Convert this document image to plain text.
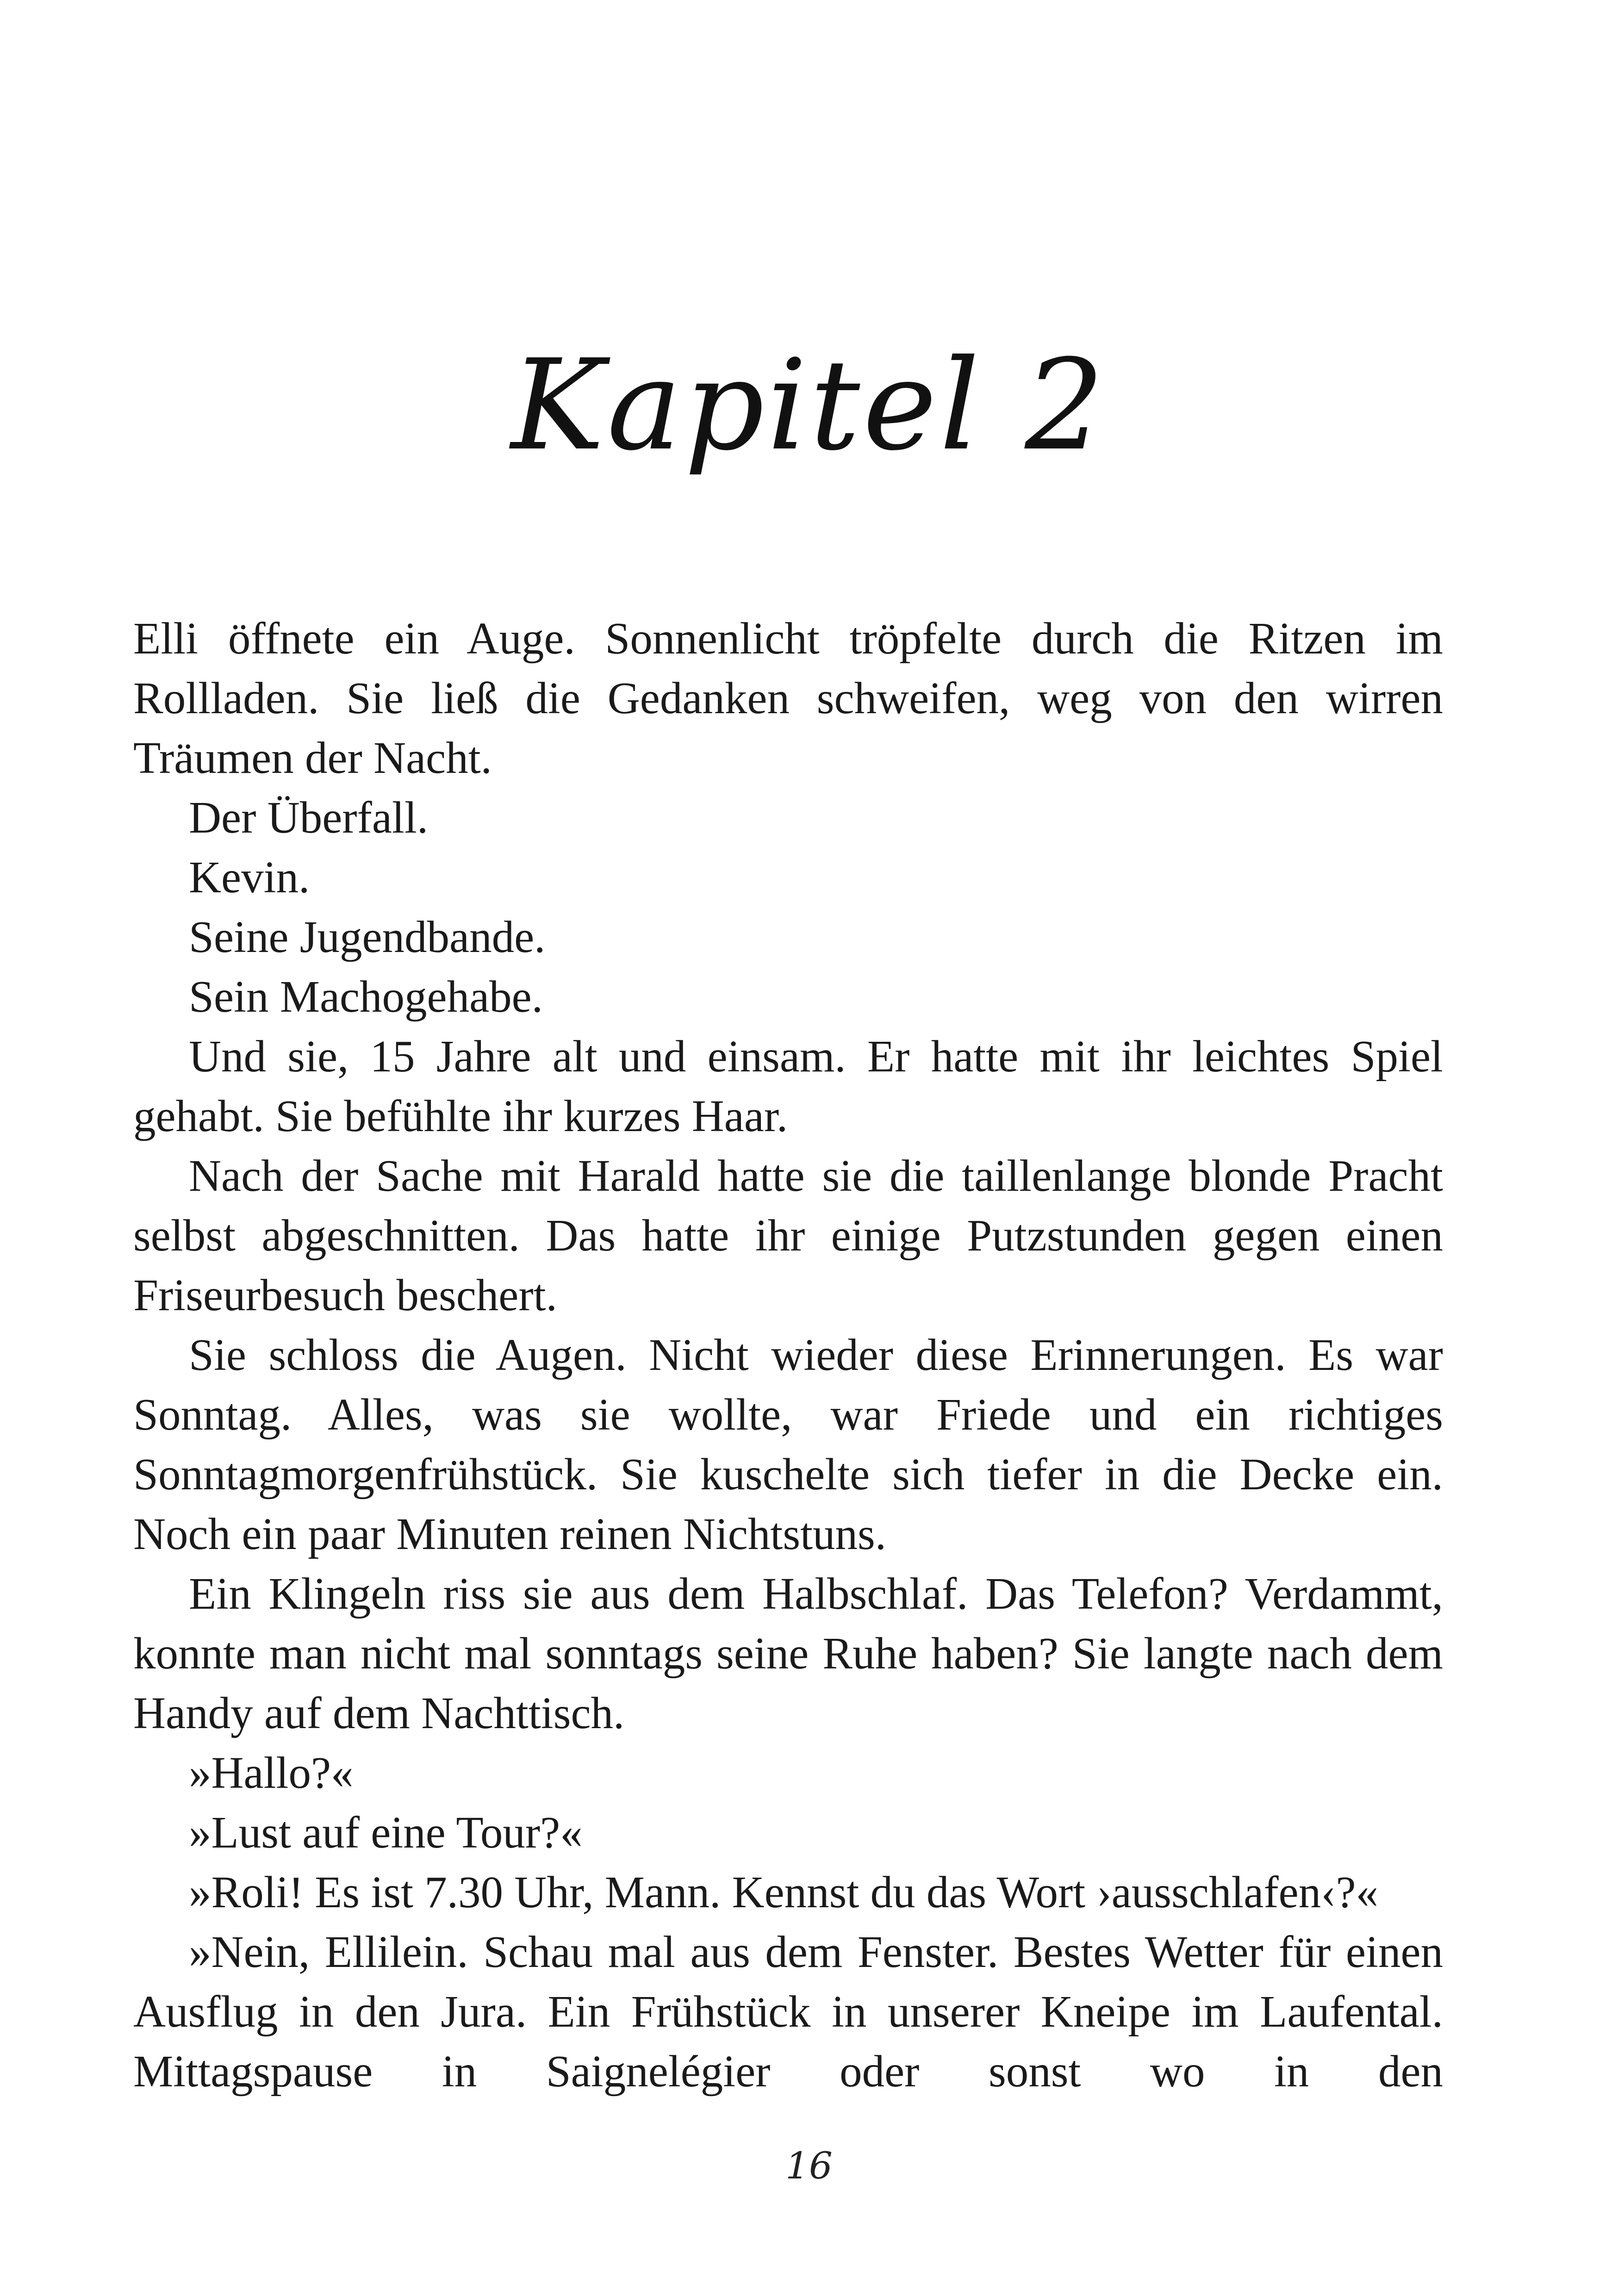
Kapitel 2

Elli öffnete ein Auge. Sonnenlicht tröpfelte durch die Ritzen im Rollladen. Sie ließ die Gedanken schweifen, weg von den wirren Träumen der Nacht.

Der Überfall.

Kevin.

Seine Jugendbande.

Sein Machogehabe.

Und sie, 15 Jahre alt und einsam. Er hatte mit ihr leichtes Spiel gehabt. Sie befühlte ihr kurzes Haar.

Nach der Sache mit Harald hatte sie die taillenlange blonde Pracht selbst abgeschnitten. Das hatte ihr einige Putzstunden gegen einen Friseurbesuch beschert.

Sie schloss die Augen. Nicht wieder diese Erinnerungen. Es war Sonntag. Alles, was sie wollte, war Friede und ein richtiges Sonntagmorgenfrühstück. Sie kuschelte sich tiefer in die Decke ein. Noch ein paar Minuten reinen Nichtstuns.

Ein Klingeln riss sie aus dem Halbschlaf. Das Telefon? Verdammt, konnte man nicht mal sonntags seine Ruhe haben? Sie langte nach dem Handy auf dem Nachttisch.

»Hallo?«

»Lust auf eine Tour?«

»Roli! Es ist 7.30 Uhr, Mann. Kennst du das Wort ›ausschlafen‹?«

»Nein, Ellilein. Schau mal aus dem Fenster. Bestes Wetter für einen Ausflug in den Jura. Ein Frühstück in unserer Kneipe im Laufental. Mittagspause in Saignelégier oder sonst wo in den

16
